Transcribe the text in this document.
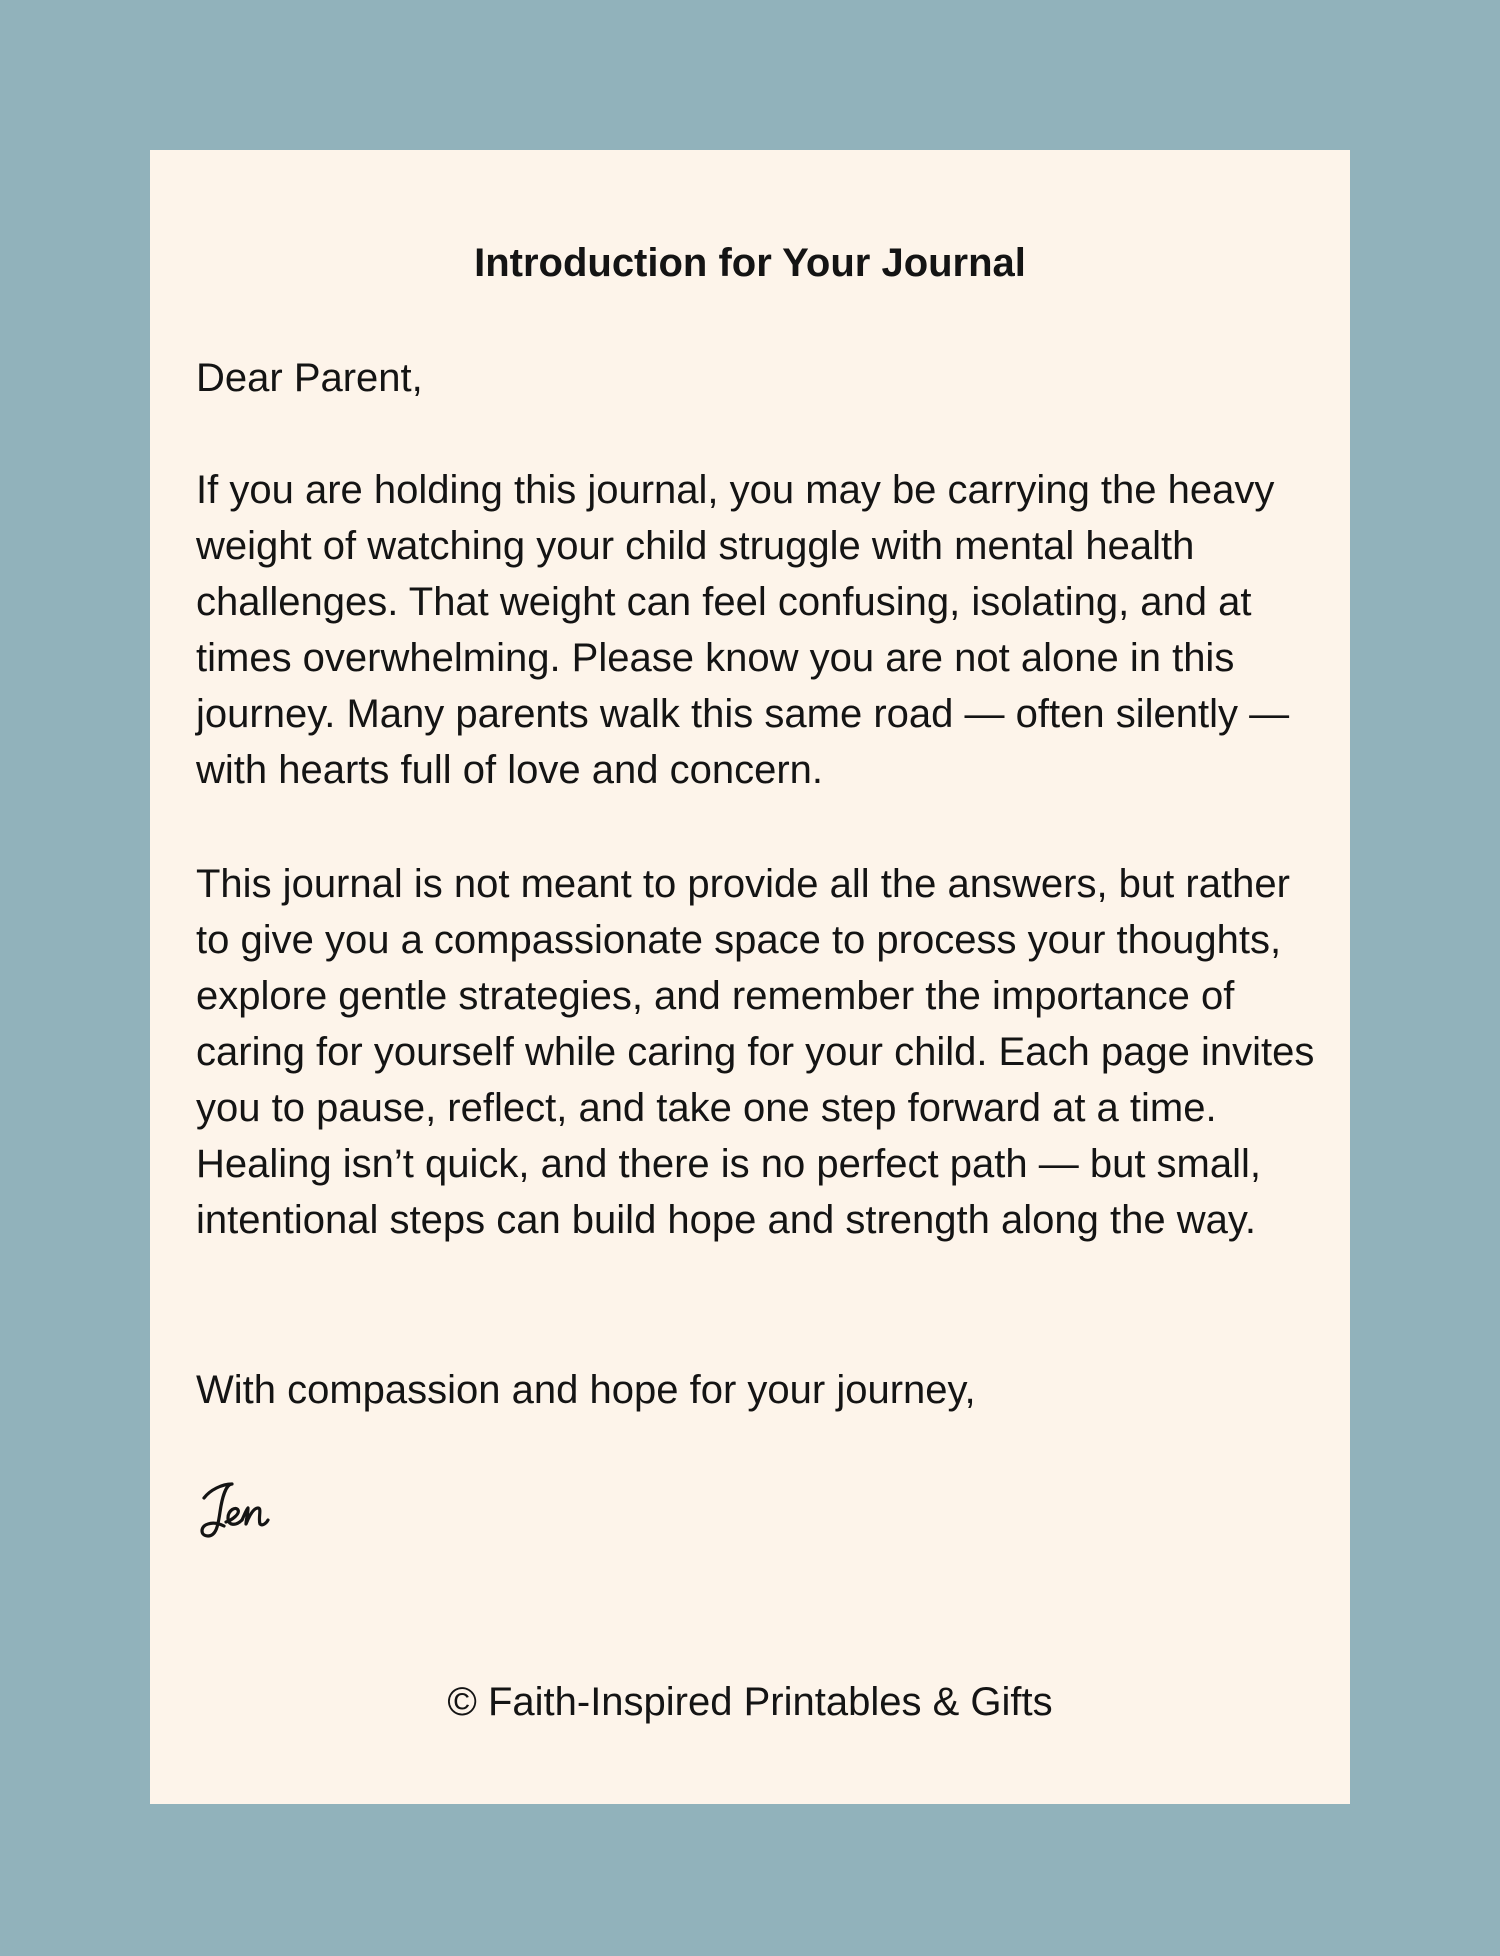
Introduction for Your Journal

Dear Parent,

If you are holding this journal, you may be carrying the heavy weight of watching your child struggle with mental health challenges. That weight can feel confusing, isolating, and at times overwhelming. Please know you are not alone in this journey. Many parents walk this same road — often silently — with hearts full of love and concern.

This journal is not meant to provide all the answers, but rather to give you a compassionate space to process your thoughts, explore gentle strategies, and remember the importance of caring for yourself while caring for your child. Each page invites you to pause, reflect, and take one step forward at a time. Healing isn’t quick, and there is no perfect path — but small, intentional steps can build hope and strength along the way.

With compassion and hope for your journey,

© Faith-Inspired Printables & Gifts
